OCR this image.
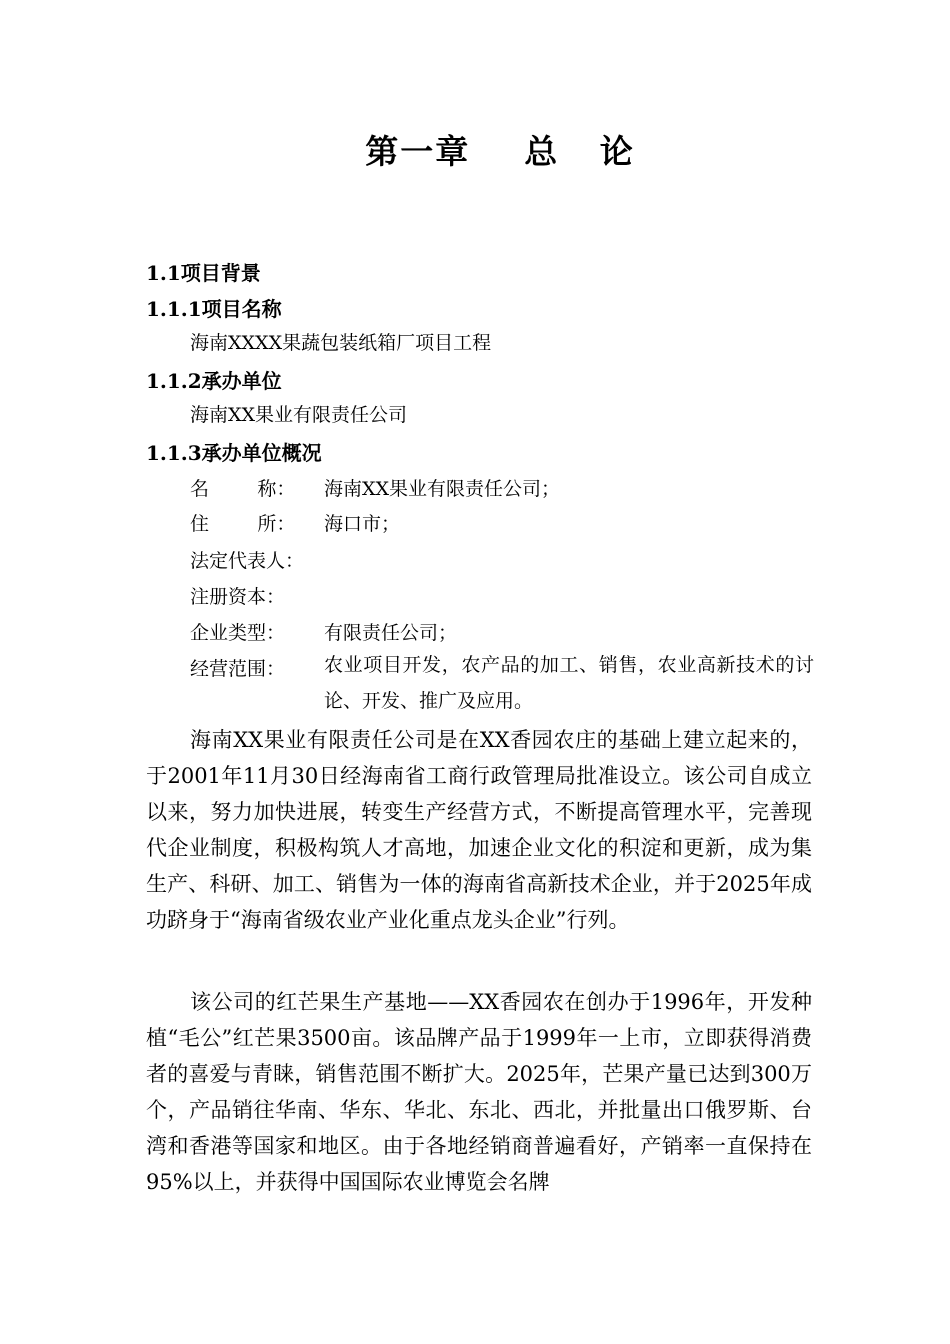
第一章    总   论
1.1项目背景
1.1.1项目名称

海南XXXX果蔬包装纸箱厂项目工程

1.1.2承办单位

海南XX果业有限责任公司

1.1.3承办单位概况
名        称： 海南XX果业有限责任公司；
住        所： 海口市；
法定代表人：
注册资本：
企业类型： 有限责任公司；
经营范围： 农业项目开发，农产品的加工、销售，农业高新技术的讨论、开发、推广及应用。

海南XX果业有限责任公司是在XX香园农庄的基础上建立起来的，于2001年11月30日经海南省工商行政管理局批准设立。该公司自成立以来，努力加快进展，转变生产经营方式，不断提高管理水平，完善现代企业制度，积极构筑人才高地，加速企业文化的积淀和更新，成为集生产、科研、加工、销售为一体的海南省高新技术企业，并于2025年成功跻身于“海南省级农业产业化重点龙头企业”行列。

该公司的红芒果生产基地——XX香园农在创办于1996年，开发种植“毛公”红芒果3500亩。该品牌产品于1999年一上市，立即获得消费者的喜爱与青睐，销售范围不断扩大。2025年，芒果产量已达到300万个，产品销往华南、华东、华北、东北、西北，并批量出口俄罗斯、台湾和香港等国家和地区。由于各地经销商普遍看好，产销率一直保持在95%以上，并获得中国国际农业博览会名牌
